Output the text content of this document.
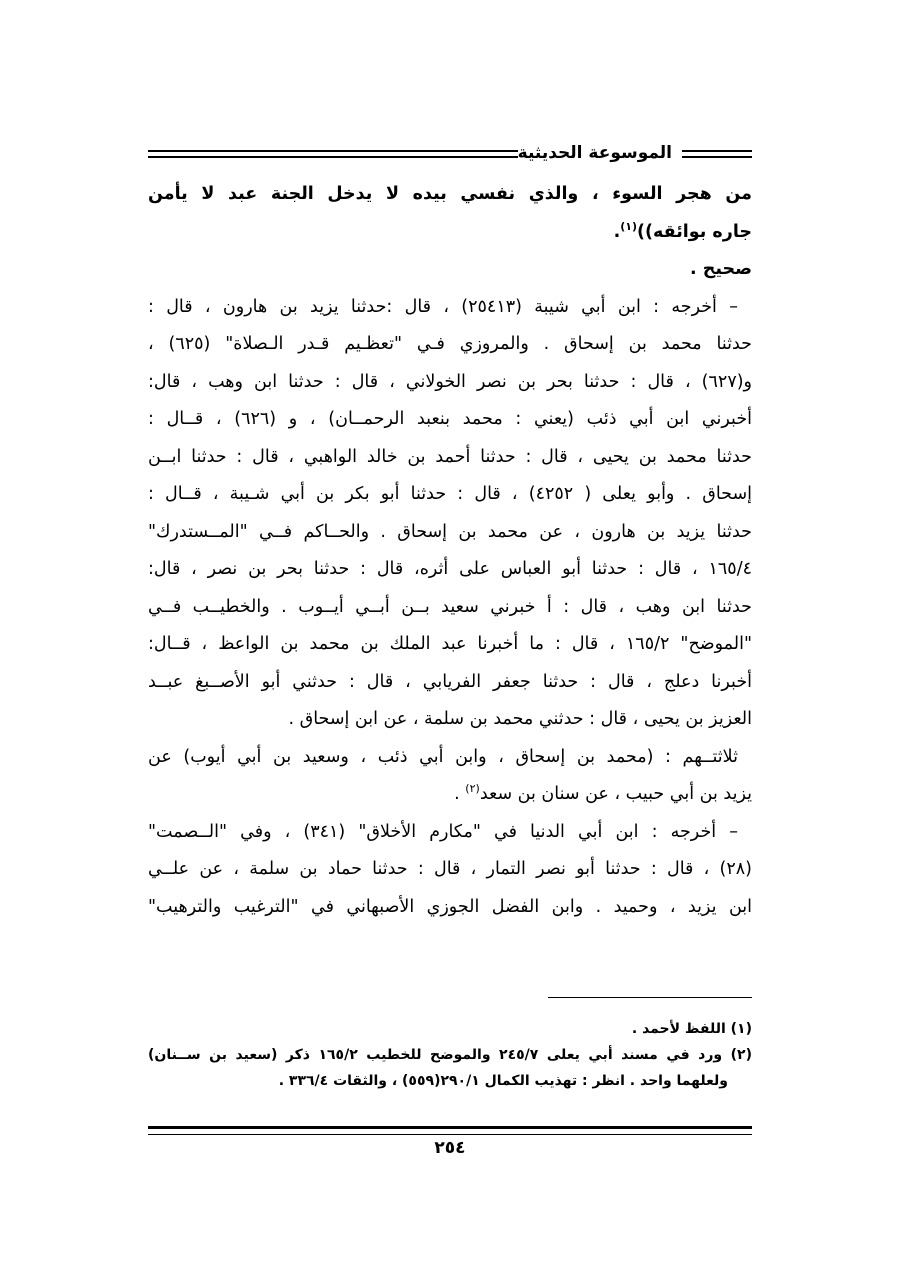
الموسوعة الحديثية
من هجر السوء ، والذي نفسي بيده لا يدخل الجنة عبد لا يأمن
جاره بوائقه))$^{(١)}$.
صحيح .
– أخرجه : ابن أبي شيبة (٢٥٤١٣) ، قال :حدثنا يزيد بن هارون ، قال :
حدثنا محمد بن إسحاق . والمروزي فـي "تعظـيم قـدر الـصلاة" (٦٢٥) ،
و(٦٢٧) ، قال : حدثنا بحر بن نصر الخولاني ، قال : حدثنا ابن وهب ، قال:
أخبرني ابن أبي ذئب (يعني : محمد بنعبد الرحمــان) ، و (٦٢٦) ، قــال :
حدثنا محمد بن يحيى ، قال : حدثنا أحمد بن خالد الواهبي ، قال : حدثنا ابــن
إسحاق . وأبو يعلى ( ٤٢٥٢) ، قال : حدثنا أبو بكر بن أبي شـيبة ، قــال :
حدثنا يزيد بن هارون ، عن محمد بن إسحاق . والحــاكم فــي "المــستدرك"
١٦٥/٤ ، قال : حدثنا أبو العباس على أثره، قال : حدثنا بحر بن نصر ، قال:
حدثنا ابن وهب ، قال : أ خبرني سعيد بــن أبــي أيــوب . والخطيــب فــي
"الموضح" ١٦٥/٢ ، قال : ما أخبرنا عبد الملك بن محمد بن الواعظ ، قــال:
أخبرنا دعلج ، قال : حدثنا جعفر الفريابي ، قال : حدثني أبو الأصــبغ عبــد
العزيز بن يحيى ، قال : حدثني محمد بن سلمة ، عن ابن إسحاق .
ثلاثتــهم : (محمد بن إسحاق ، وابن أبي ذئب ، وسعيد بن أبي أيوب) عن
يزيد بن أبي حبيب ، عن سنان بن سعد$^{(٢)}$ .
– أخرجه : ابن أبي الدنيا في "مكارم الأخلاق" (٣٤١) ، وفي "الــصمت"
(٢٨) ، قال : حدثنا أبو نصر التمار ، قال : حدثنا حماد بن سلمة ، عن علــي
ابن يزيد ، وحميد . وابن الفضل الجوزي الأصبهاني في "الترغيب والترهيب"
(١) اللفظ لأحمد .
(٢) ورد في مسند أبي يعلى ٢٤٥/٧ والموضح للخطيب ١٦٥/٢ ذكر (سعيد بن ســنان)
ولعلهما واحد . انظر : تهذيب الكمال ٢٩٠/١(٥٥٩) ، والثقات ٣٣٦/٤ .
٢٥٤
